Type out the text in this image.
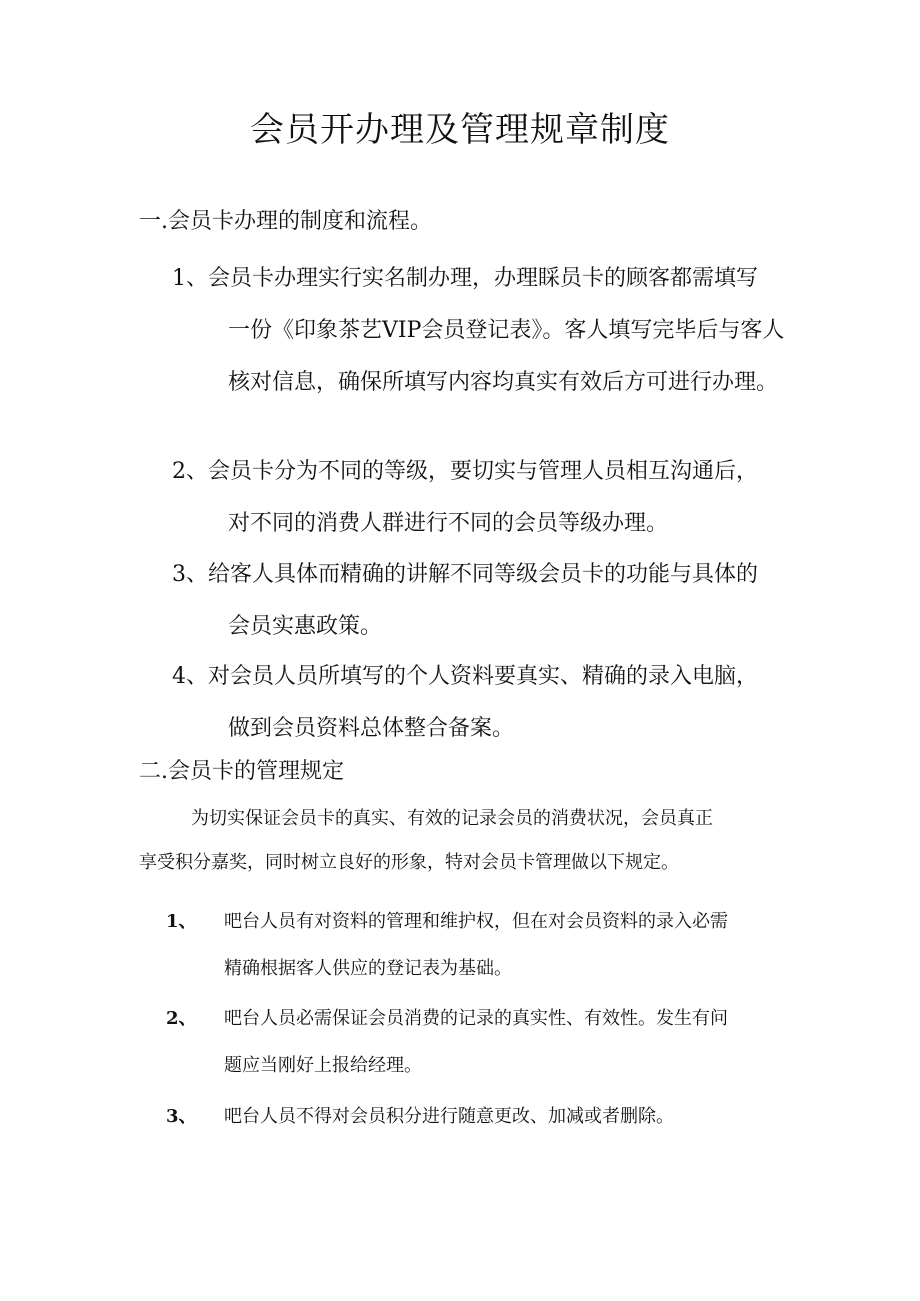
会员开办理及管理规章制度
一.会员卡办理的制度和流程。
1、会员卡办理实行实名制办理，办理睬员卡的顾客都需填写
一份《印象茶艺VIP会员登记表》。客人填写完毕后与客人核对信息，确保所填写内容均真实有效后方可进行办理。
2、会员卡分为不同的等级，要切实与管理人员相互沟通后，
对不同的消费人群进行不同的会员等级办理。
3、给客人具体而精确的讲解不同等级会员卡的功能与具体的
会员实惠政策。
4、对会员人员所填写的个人资料要真实、精确的录入电脑，
做到会员资料总体整合备案。
二.会员卡的管理规定
为切实保证会员卡的真实、有效的记录会员的消费状况，会员真正
享受积分嘉奖，同时树立良好的形象，特对会员卡管理做以下规定。
1、 吧台人员有对资料的管理和维护权，但在对会员资料的录入必需
精确根据客人供应的登记表为基础。
2、 吧台人员必需保证会员消费的记录的真实性、有效性。发生有问
题应当刚好上报给经理。
3、 吧台人员不得对会员积分进行随意更改、加减或者删除。
